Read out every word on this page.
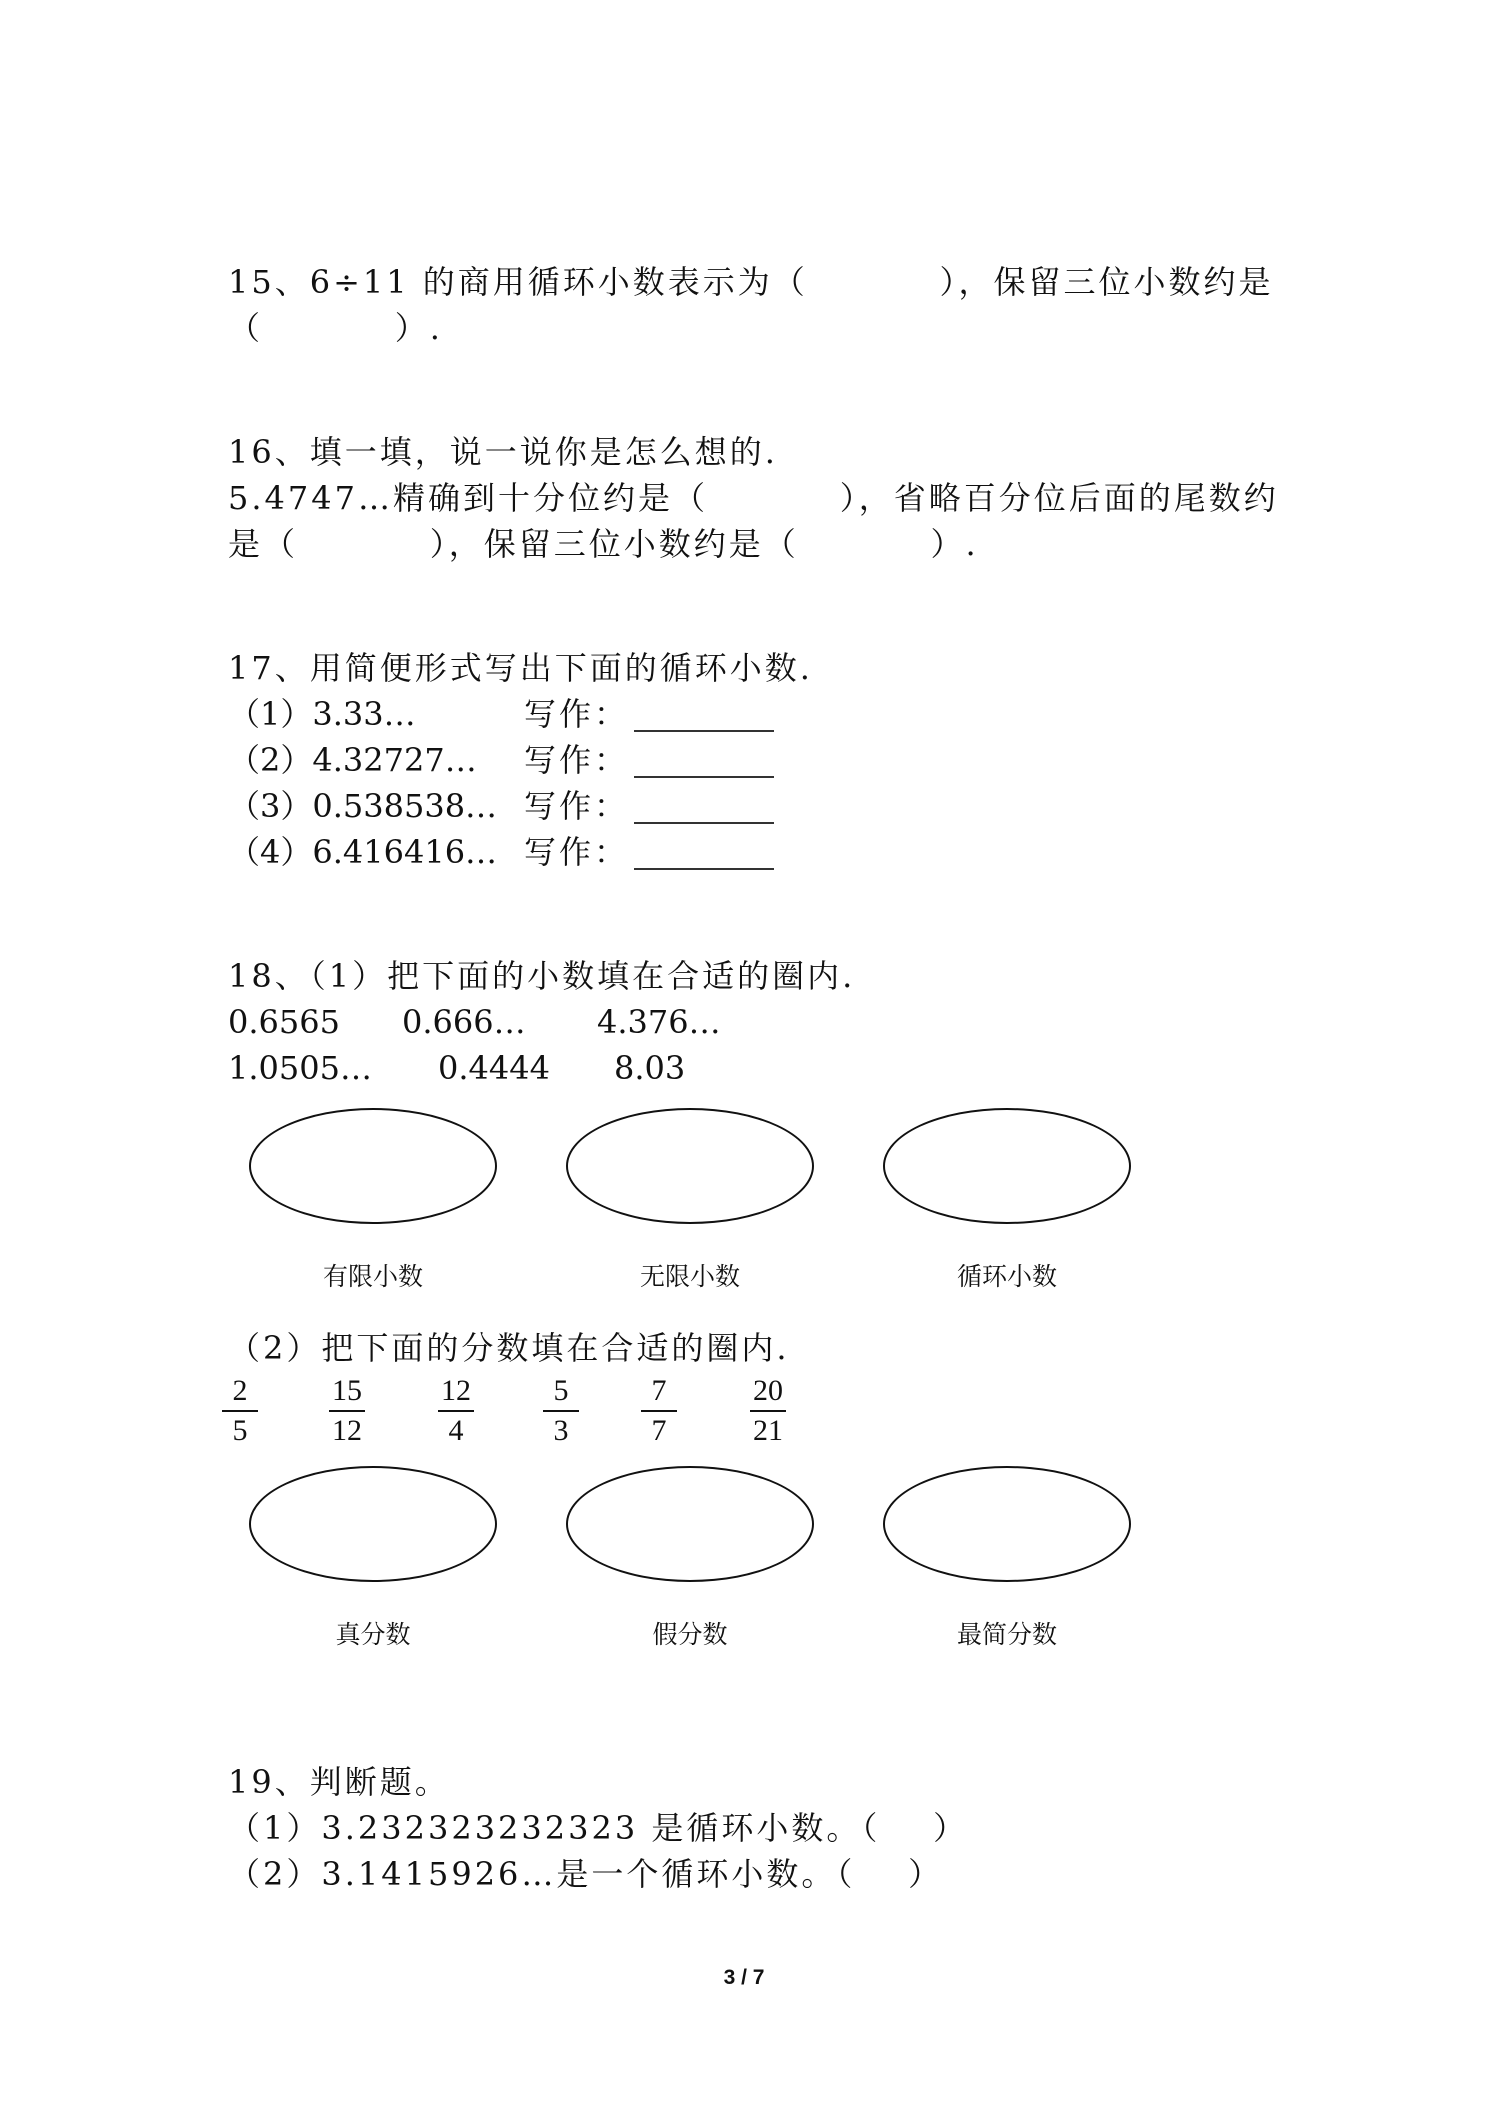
15、6÷11 的商用循环小数表示为（          ），保留三位小数约是

（          ）.

16、填一填，说一说你是怎么想的.

5.4747…精确到十分位约是（          ），省略百分位后面的尾数约

是（          ），保留三位小数约是（          ）.

17、用简便形式写出下面的循环小数.

（1）3.33…	写作：
（2）4.32727… 写作：
（3）0.538538… 写作：
（4）6.416416… 写作：

18、（1）把下面的小数填在合适的圈内.

0.6565 0.666… 4.376…
1.0505… 0.4444 8.03
有限小数	无限小数	循环小数

（2）把下面的分数填在合适的圈内.

2
5
15
12
12
4
5
3
7
7
20
21
真分数	假分数	最简分数

19、判断题。

（1）3.232323232323 是循环小数。（    ）

（2）3.1415926…是一个循环小数。（    ）

3 / 7
